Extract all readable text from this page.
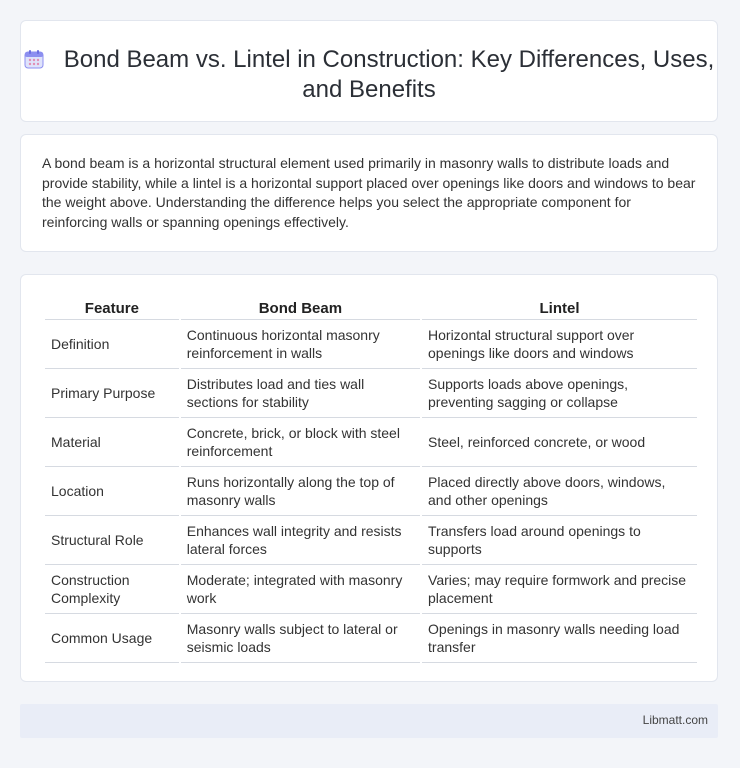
Bond Beam vs. Lintel in Construction: Key Differences, Uses, and Benefits
A bond beam is a horizontal structural element used primarily in masonry walls to distribute loads and provide stability, while a lintel is a horizontal support placed over openings like doors and windows to bear the weight above. Understanding the difference helps you select the appropriate component for reinforcing walls or spanning openings effectively.
Feature	Bond Beam	Lintel
Definition	Continuous horizontal masonry reinforcement in walls	Horizontal structural support over openings like doors and windows
Primary Purpose	Distributes load and ties wall sections for stability	Supports loads above openings, preventing sagging or collapse
Material	Concrete, brick, or block with steel reinforcement	Steel, reinforced concrete, or wood
Location	Runs horizontally along the top of masonry walls	Placed directly above doors, windows, and other openings
Structural Role	Enhances wall integrity and resists lateral forces	Transfers load around openings to supports
Construction Complexity	Moderate; integrated with masonry work	Varies; may require formwork and precise placement
Common Usage	Masonry walls subject to lateral or seismic loads	Openings in masonry walls needing load transfer
Libmatt.com
